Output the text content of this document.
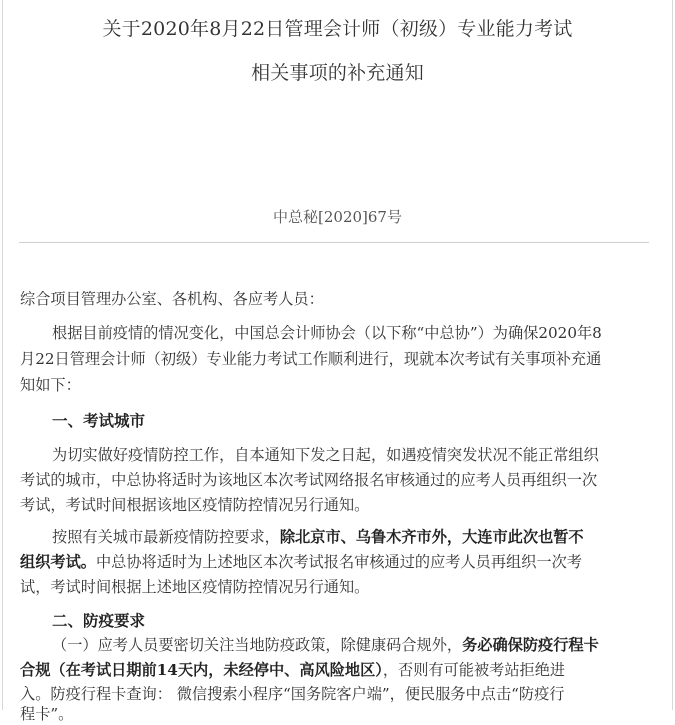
关于2020年8月22日管理会计师（初级）专业能力考试
相关事项的补充通知
中总秘[2020]67号
综合项目管理办公室、各机构、各应考人员：
根据目前疫情的情况变化，中国总会计师协会（以下称“中总协”）为确保2020年8
月22日管理会计师（初级）专业能力考试工作顺利进行，现就本次考试有关事项补充通
知如下：
一、考试城市
为切实做好疫情防控工作，自本通知下发之日起，如遇疫情突发状况不能正常组织
考试的城市，中总协将适时为该地区本次考试网络报名审核通过的应考人员再组织一次
考试，考试时间根据该地区疫情防控情况另行通知。
按照有关城市最新疫情防控要求，除北京市、乌鲁木齐市外，大连市此次也暂不
组织考试。中总协将适时为上述地区本次考试报名审核通过的应考人员再组织一次考
试，考试时间根据上述地区疫情防控情况另行通知。
二、防疫要求
（一）应考人员要密切关注当地防疫政策，除健康码合规外，务必确保防疫行程卡
合规（在考试日期前14天内，未经停中、高风险地区），否则有可能被考站拒绝进
入。防疫行程卡查询： 微信搜索小程序“国务院客户端”，便民服务中点击“防疫行
程卡”。
